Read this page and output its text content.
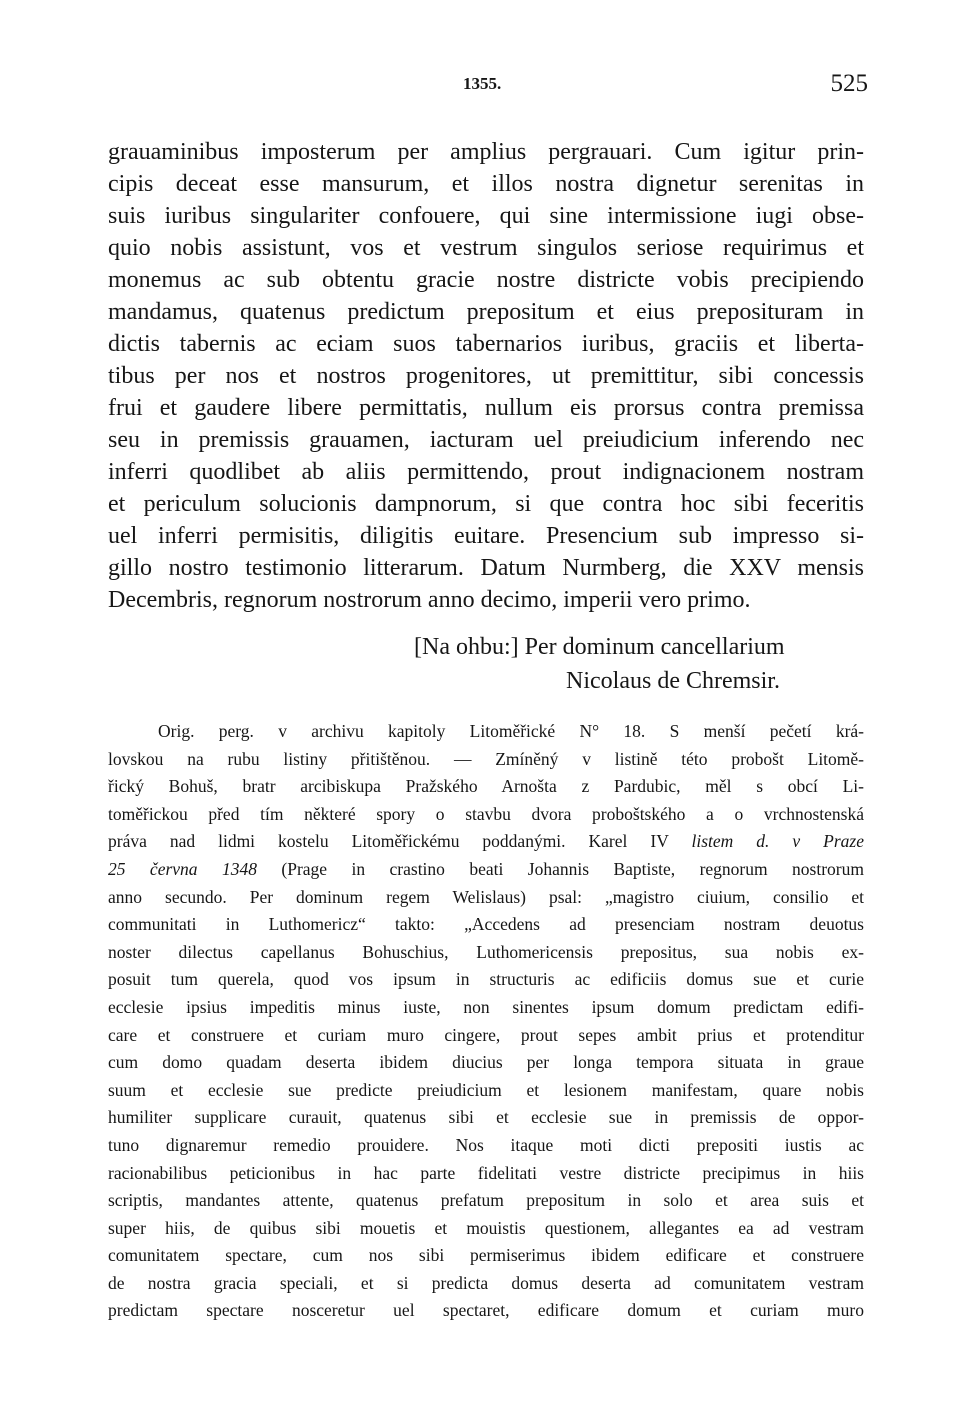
1355.	525
grauaminibus imposterum per amplius pergrauari. Cum igitur prin-
cipis deceat esse mansurum, et illos nostra dignetur serenitas in
suis iuribus singulariter confouere, qui sine intermissione iugi obse-
quio nobis assistunt, vos et vestrum singulos seriose requirimus et
monemus ac sub obtentu gracie nostre districte vobis precipiendo
mandamus, quatenus predictum prepositum et eius preposituram in
dictis tabernis ac eciam suos tabernarios iuribus, graciis et liberta-
tibus per nos et nostros progenitores, ut premittitur, sibi concessis
frui et gaudere libere permittatis, nullum eis prorsus contra premissa
seu in premissis grauamen, iacturam uel preiudicium inferendo nec
inferri quodlibet ab aliis permittendo, prout indignacionem nostram
et periculum solucionis dampnorum, si que contra hoc sibi feceritis
uel inferri permisitis, diligitis euitare. Presencium sub impresso si-
gillo nostro testimonio litterarum. Datum Nurmberg, die XXV mensis
Decembris, regnorum nostrorum anno decimo, imperii vero primo.
[Na ohbu:] Per dominum cancellarium
Nicolaus de Chremsir.
Orig. perg. v archivu kapitoly Litoměřické N° 18. S menší pečetí krá-
lovskou na rubu listiny přitištěnou. — Zmíněný v listině této probošt Litomě-
řický Bohuš, bratr arcibiskupa Pražského Arnošta z Pardubic, měl s obcí Li-
toměřickou před tím některé spory o stavbu dvora proboštského a o vrchnostenská
práva nad lidmi kostelu Litoměřickému poddanými. Karel IV listem d. v Praze
25 června 1348 (Prage in crastino beati Johannis Baptiste, regnorum nostrorum
anno secundo. Per dominum regem Welislaus) psal: „magistro ciuium, consilio et
communitati in Luthomericz“ takto: „Accedens ad presenciam nostram deuotus
noster dilectus capellanus Bohuschius, Luthomericensis prepositus, sua nobis ex-
posuit tum querela, quod vos ipsum in structuris ac edificiis domus sue et curie
ecclesie ipsius impeditis minus iuste, non sinentes ipsum domum predictam edifi-
care et construere et curiam muro cingere, prout sepes ambit prius et protenditur
cum domo quadam deserta ibidem diucius per longa tempora situata in graue
suum et ecclesie sue predicte preiudicium et lesionem manifestam, quare nobis
humiliter supplicare curauit, quatenus sibi et ecclesie sue in premissis de oppor-
tuno dignaremur remedio prouidere. Nos itaque moti dicti prepositi iustis ac
racionabilibus peticionibus in hac parte fidelitati vestre districte precipimus in hiis
scriptis, mandantes attente, quatenus prefatum prepositum in solo et area suis et
super hiis, de quibus sibi mouetis et mouistis questionem, allegantes ea ad vestram
comunitatem spectare, cum nos sibi permiserimus ibidem edificare et construere
de nostra gracia speciali, et si predicta domus deserta ad comunitatem vestram
predictam spectare nosceretur uel spectaret, edificare domum et curiam muro
